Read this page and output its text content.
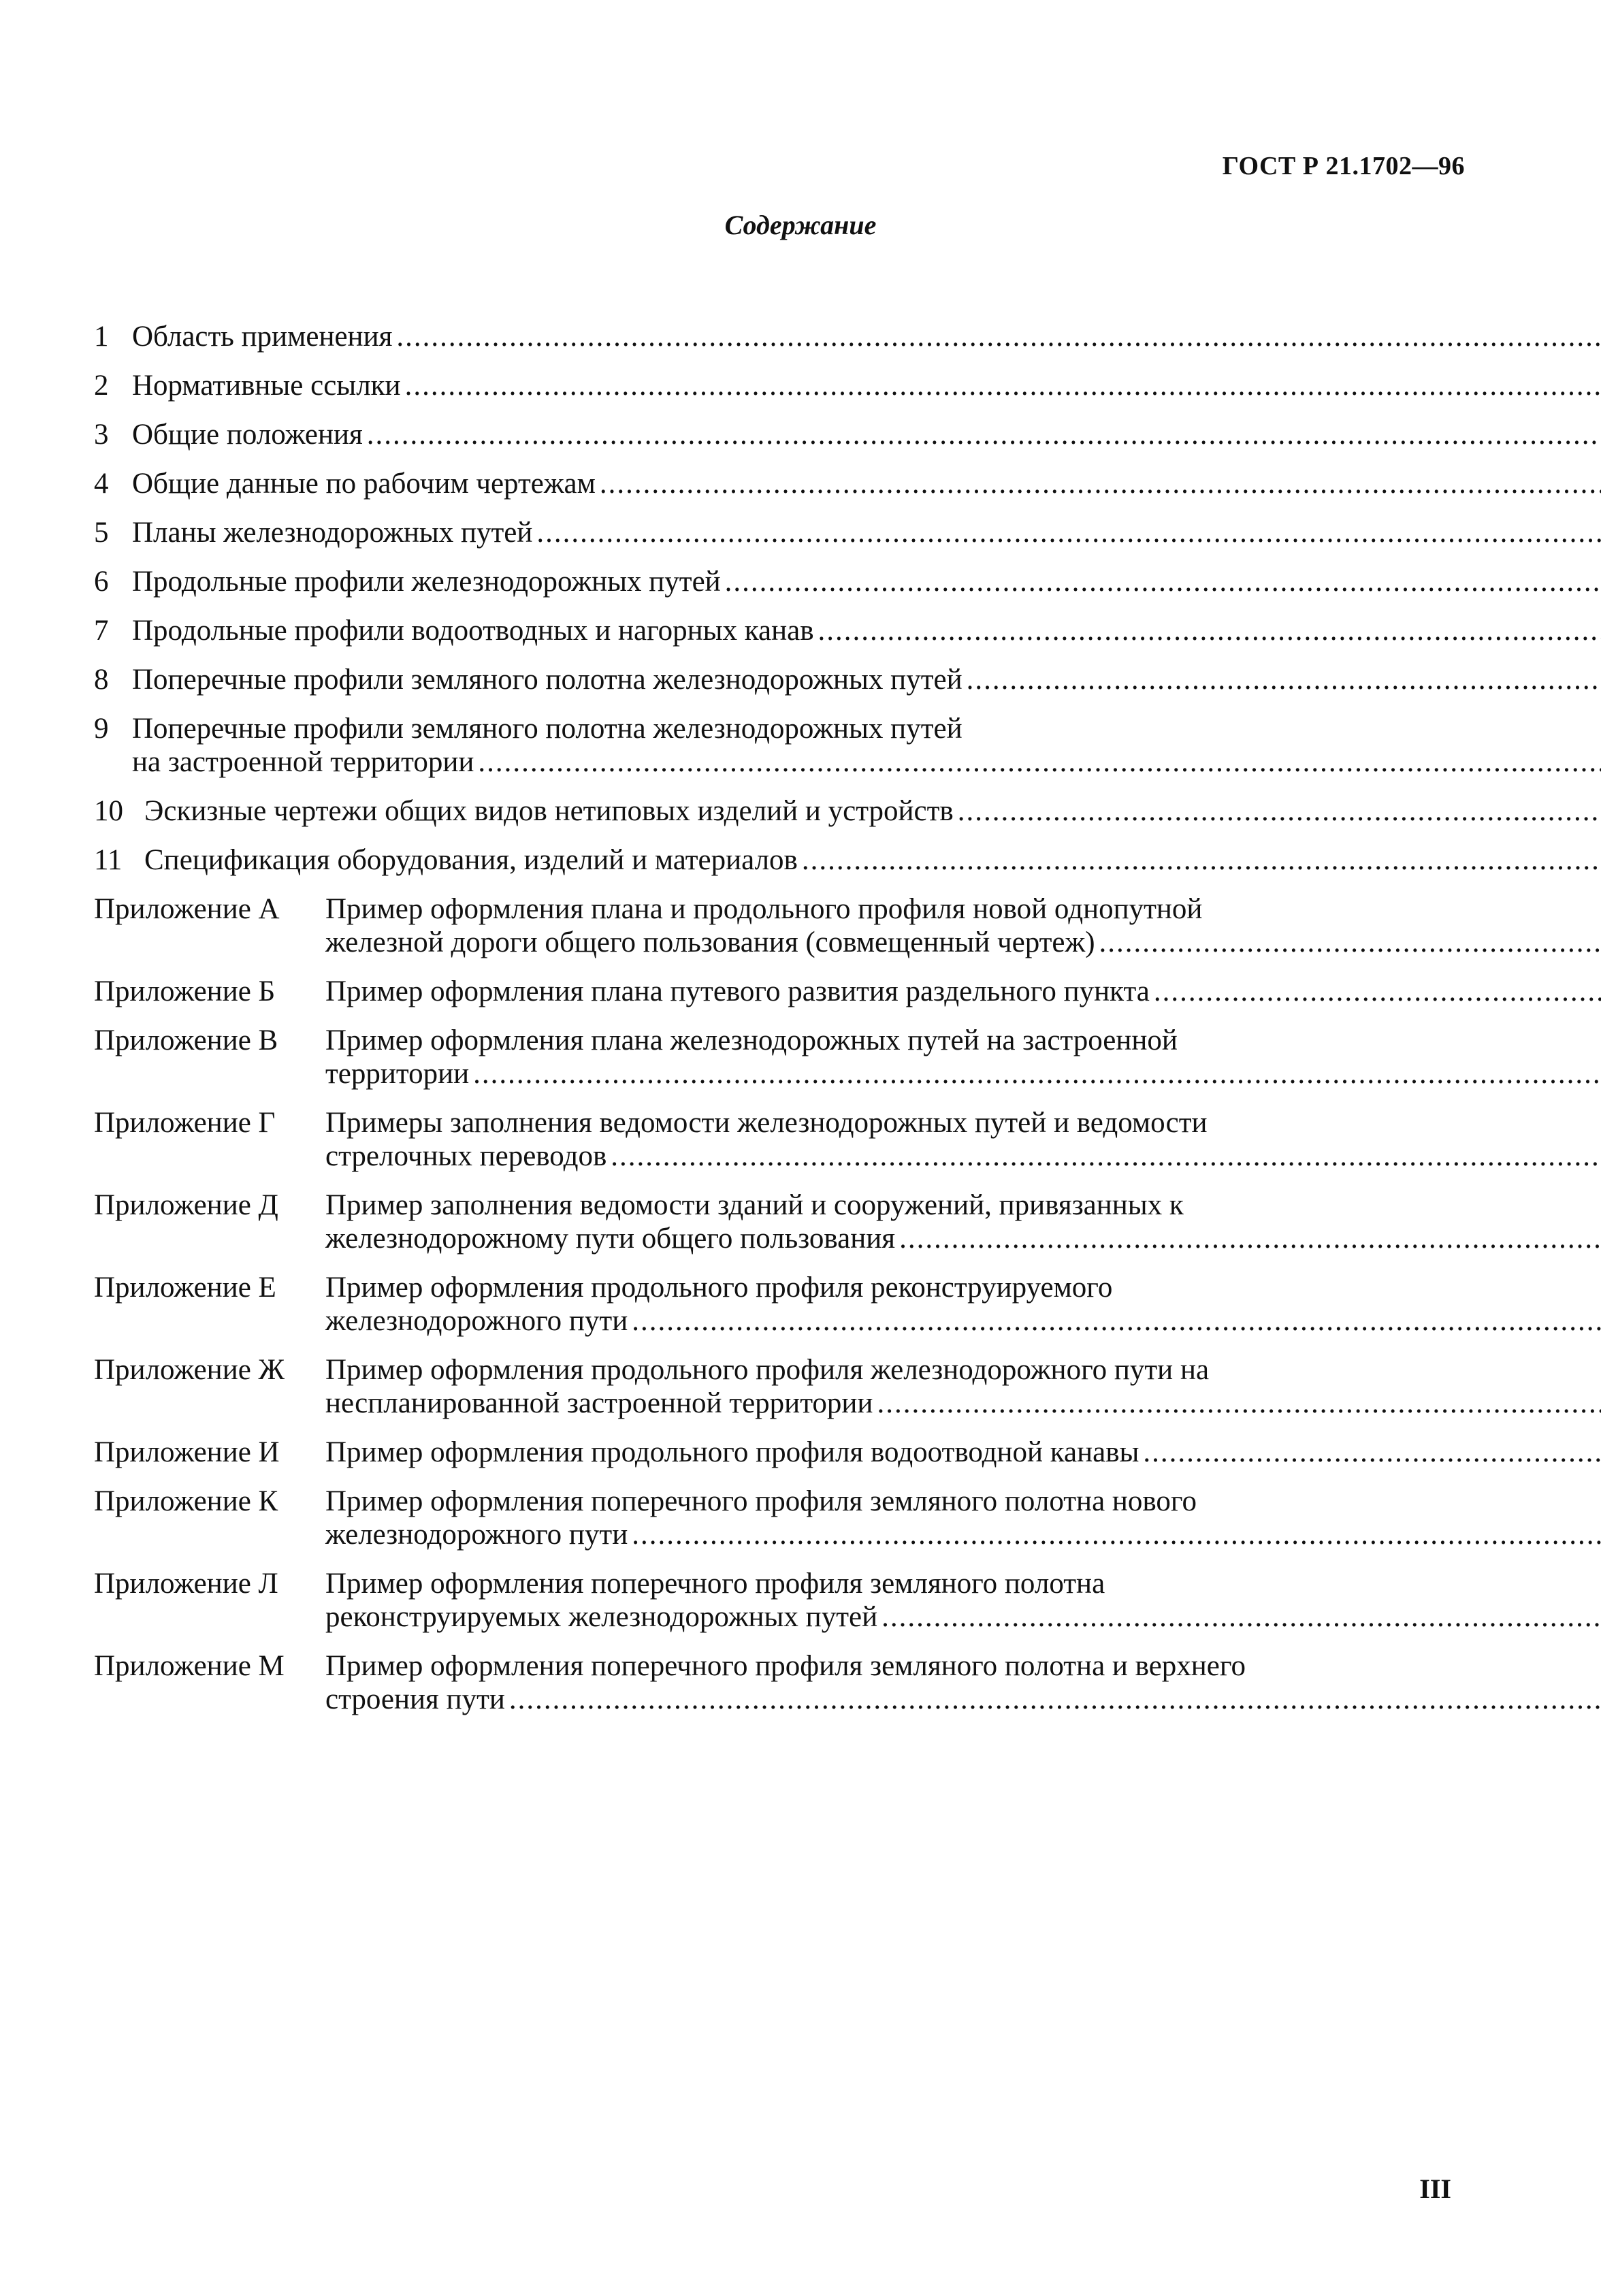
ГОСТ Р 21.1702—96
Содержание
1 Область применения
.....
2 Нормативные ссылки
.....
3 Общие положения
.....
4 Общие данные по рабочим чертежам
.....
5 Планы железнодорожных путей
.....
6 Продольные профили железнодорожных путей
.....
7 Продольные профили водоотводных и нагорных канав
.....
8 Поперечные профили земляного полотна железнодорожных путей
.....
9 Поперечные профили земляного полотна железнодорожных путей
на застроенной территории
.....
10 Эскизные чертежи общих видов нетиповых изделий и устройств
.....
11 Спецификация оборудования, изделий и материалов
.....
Приложение А	Пример оформления плана и продольного профиля новой однопутной
железной дороги общего пользования (совмещенный чертеж)
.....
Приложение Б	Пример оформления плана путевого развития раздельного пункта
.....
Приложение В	Пример оформления плана железнодорожных путей на застроенной
территории
.....
Приложение Г	Примеры заполнения ведомости железнодорожных путей и ведомости
стрелочных переводов
.....
Приложение Д	Пример заполнения ведомости зданий и сооружений, привязанных к
железнодорожному пути общего пользования
.....
Приложение Е	Пример оформления продольного профиля реконструируемого
железнодорожного пути
.....
Приложение Ж	Пример оформления продольного профиля железнодорожного пути на
неспланированной застроенной территории
.....
Приложение И	Пример оформления продольного профиля водоотводной канавы
.....
Приложение К	Пример оформления поперечного профиля земляного полотна нового
железнодорожного пути
.....
Приложение Л	Пример оформления поперечного профиля земляного полотна
реконструируемых железнодорожных путей
.....
Приложение М	Пример оформления поперечного профиля земляного полотна и верхнего
строения пути
.....
III
